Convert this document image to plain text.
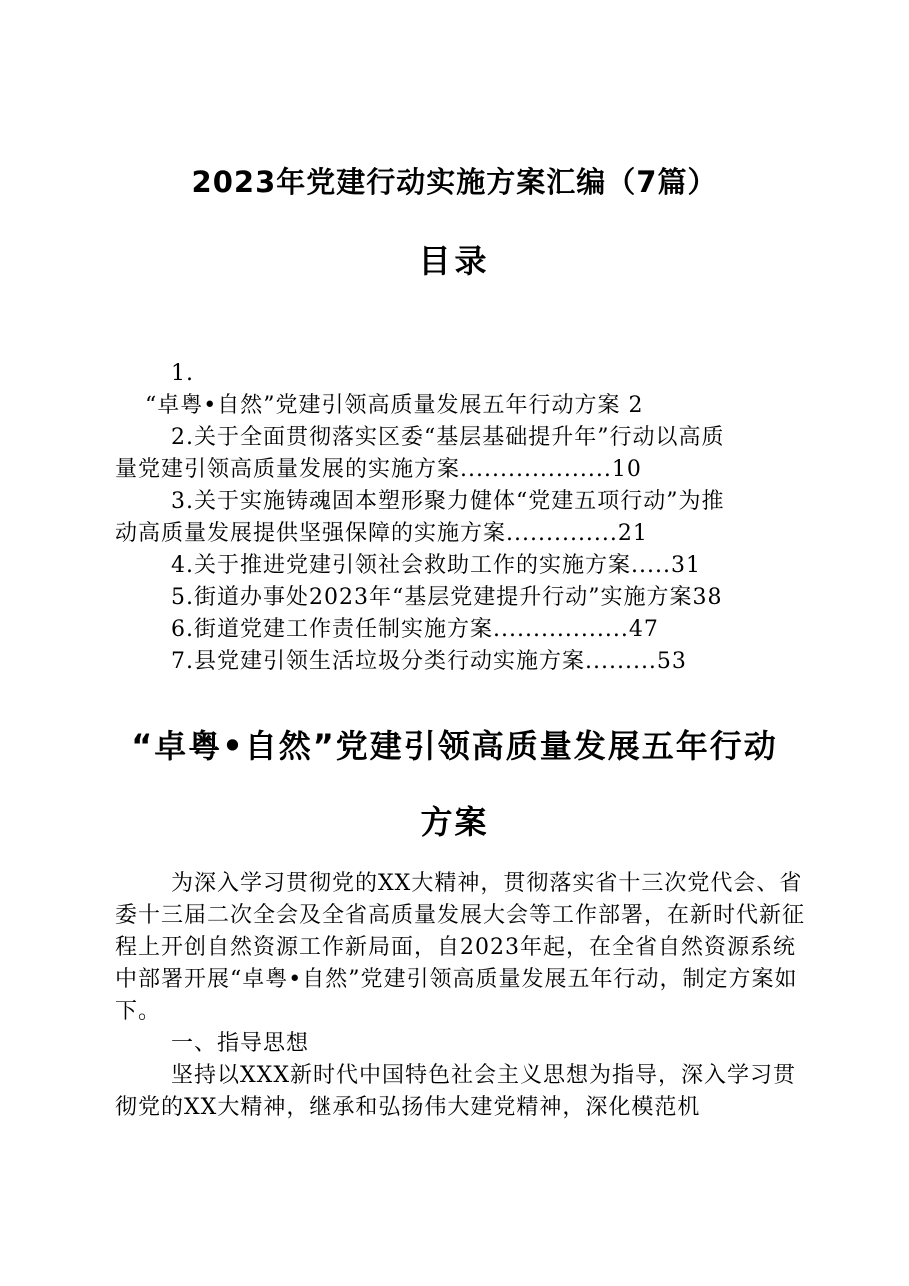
2023年党建行动实施方案汇编（7篇）
目录
1.
“卓粤•自然”党建引领高质量发展五年行动方案 2
2.关于全面贯彻落实区委“基层基础提升年”行动以高质
量党建引领高质量发展的实施方案...................10
3.关于实施铸魂固本塑形聚力健体“党建五项行动”为推
动高质量发展提供坚强保障的实施方案..............21
4.关于推进党建引领社会救助工作的实施方案.....31
5.街道办事处2023年“基层党建提升行动”实施方案38
6.街道党建工作责任制实施方案.................47
7.县党建引领生活垃圾分类行动实施方案.........53
“卓粤•自然”党建引领高质量发展五年行动
方案

为深入学习贯彻党的XX大精神，贯彻落实省十三次党代会、省委十三届二次全会及全省高质量发展大会等工作部署，在新时代新征程上开创自然资源工作新局面，自2023年起，在全省自然资源系统中部署开展“卓粤•自然”党建引领高质量发展五年行动，制定方案如下。

一、指导思想

坚持以XXX新时代中国特色社会主义思想为指导，深入学习贯彻党的XX大精神，继承和弘扬伟大建党精神，深化模范机
